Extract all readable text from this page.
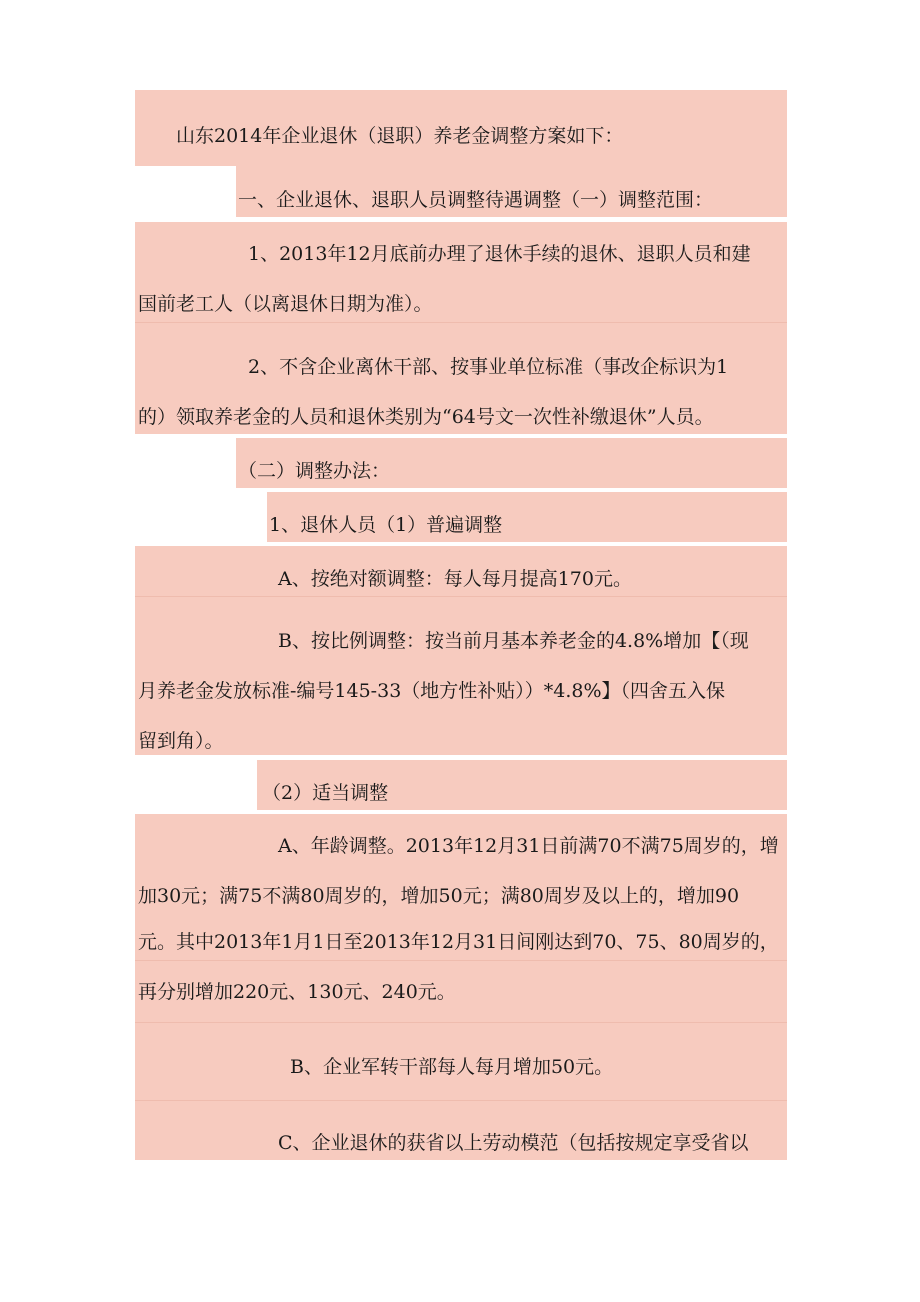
山东2014年企业退休（退职）养老金调整方案如下：
一、企业退休、退职人员调整待遇调整（一）调整范围：
1、2013年12月底前办理了退休手续的退休、退职人员和建
国前老工人（以离退休日期为准）。
2、不含企业离休干部、按事业单位标准（事改企标识为1
的）领取养老金的人员和退休类别为“64号文一次性补缴退休”人员。
（二）调整办法：
1、退休人员（1）普遍调整
A、按绝对额调整：每人每月提高170元。
B、按比例调整：按当前月基本养老金的4.8%增加【（现
月养老金发放标准-编号145-33（地方性补贴））*4.8%】（四舍五入保
留到角）。
（2）适当调整
A、年龄调整。2013年12月31日前满70不满75周岁的，增
加30元；满75不满80周岁的，增加50元；满80周岁及以上的，增加90
元。其中2013年1月1日至2013年12月31日间刚达到70、75、80周岁的，
再分别增加220元、130元、240元。
B、企业军转干部每人每月增加50元。
C、企业退休的获省以上劳动模范（包括按规定享受省以
